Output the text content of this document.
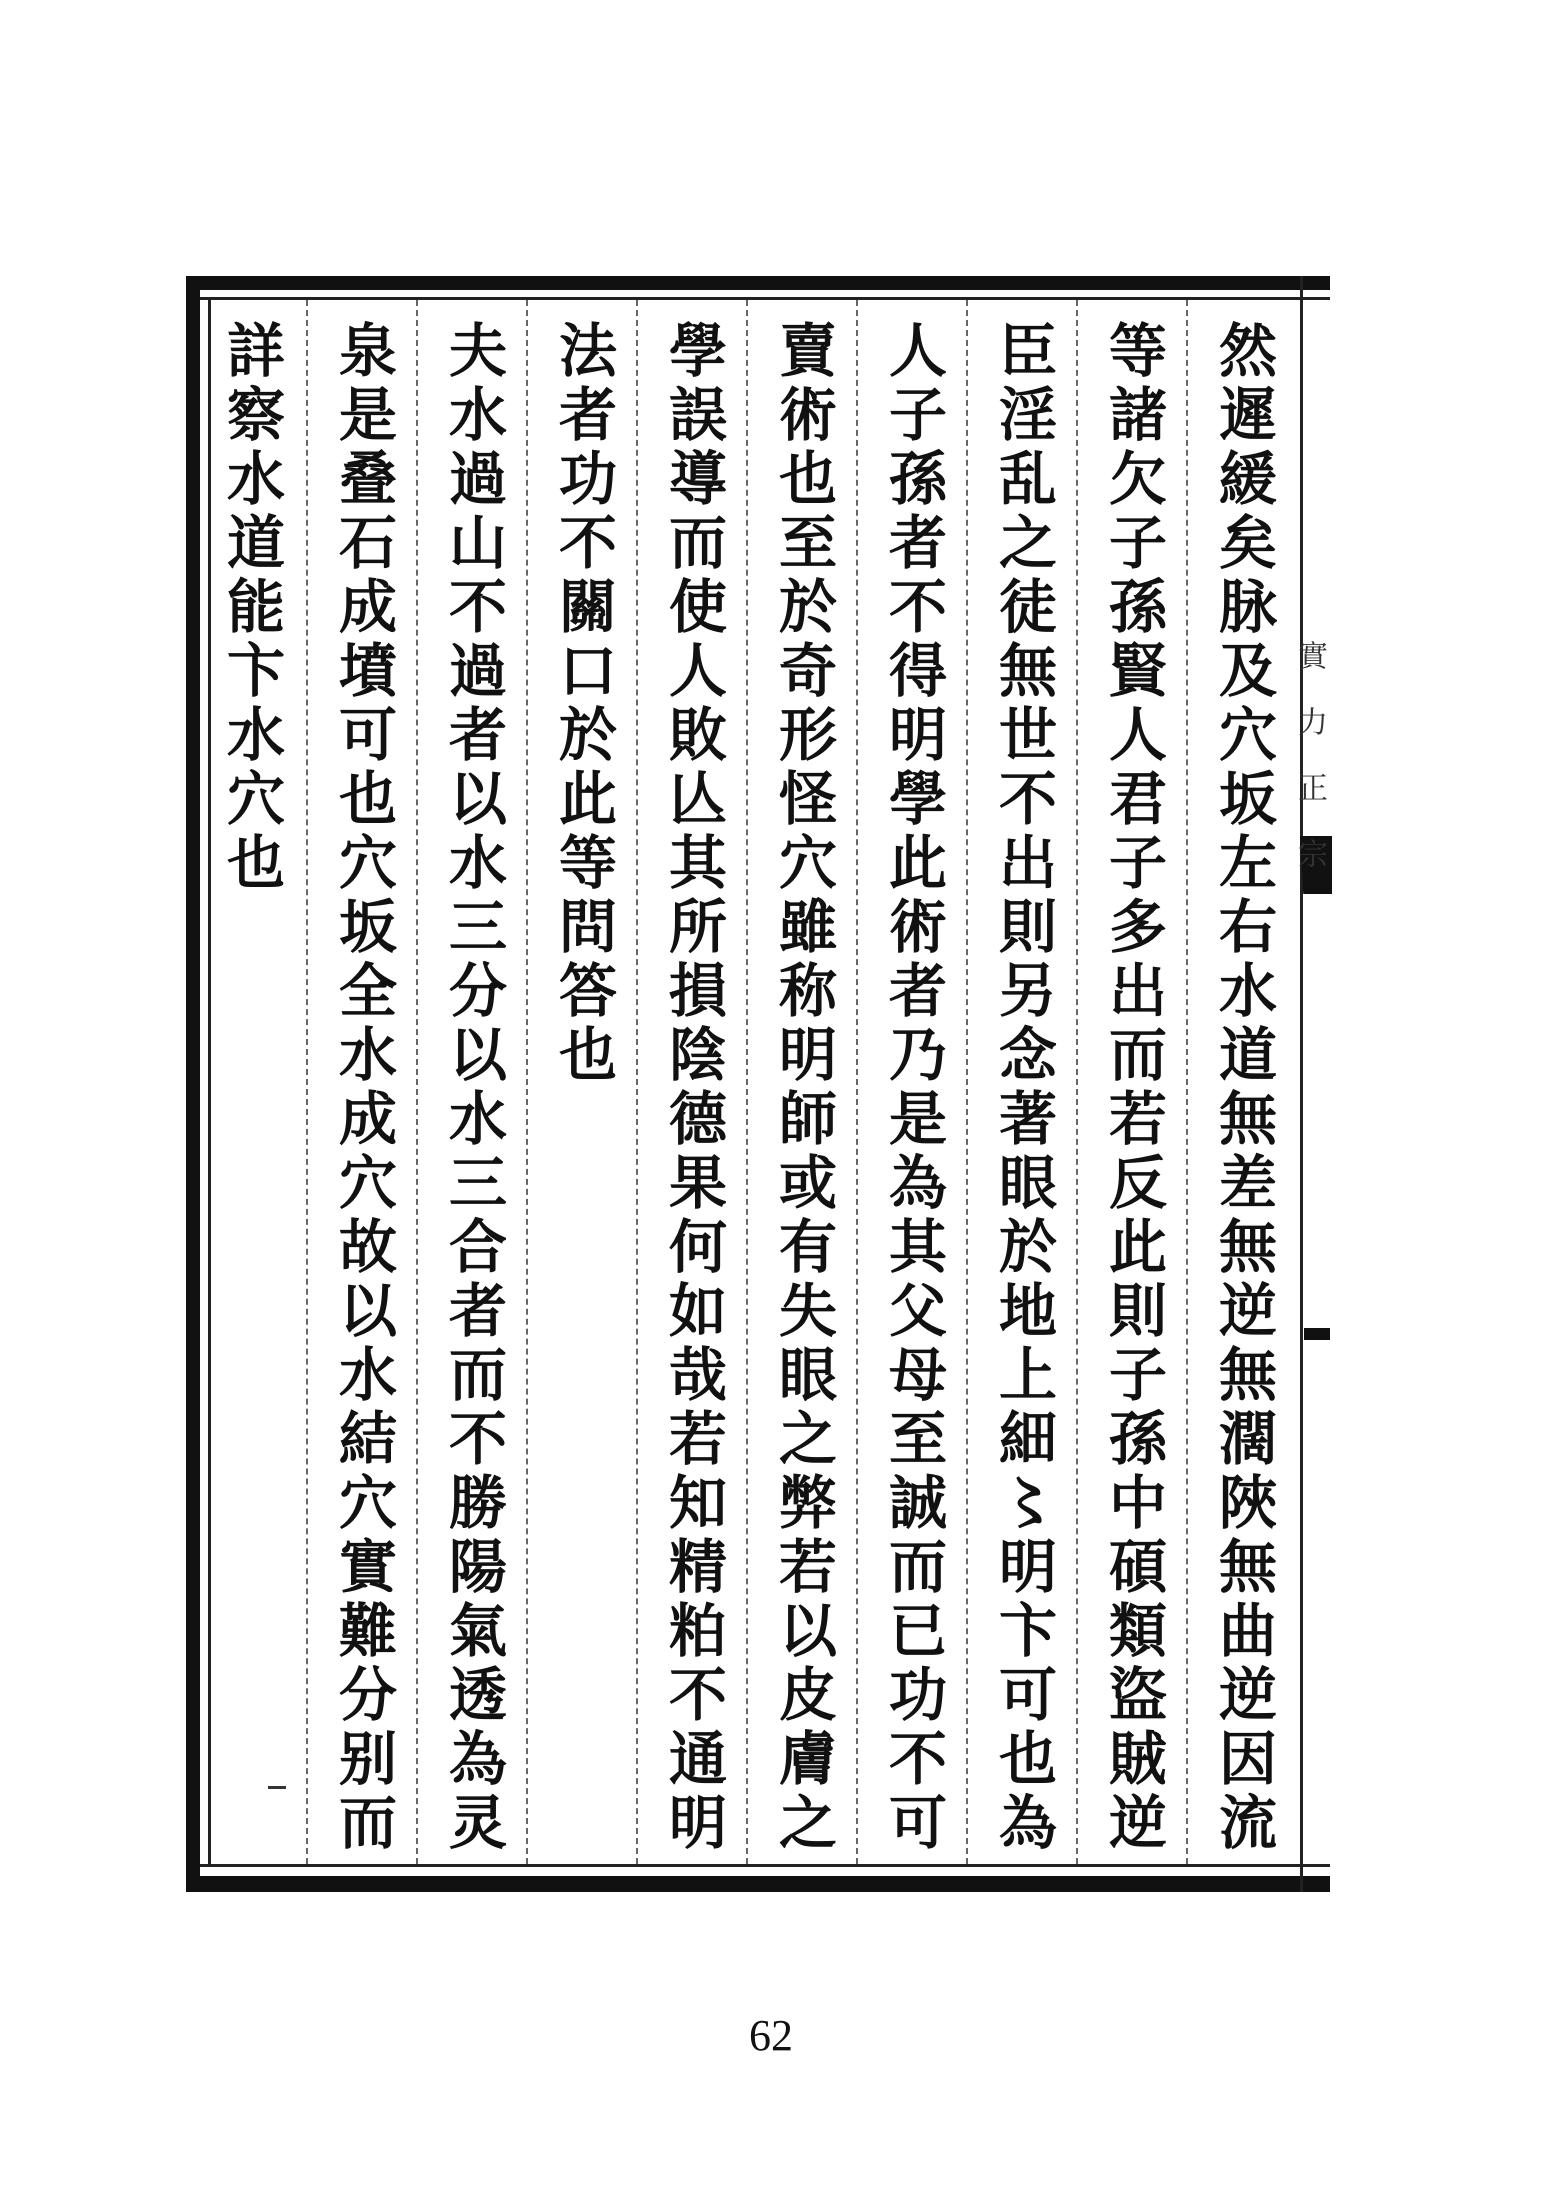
實力正宗
然遲緩矣脉及穴坂左右水道無差無逆無濶陜無曲逆因流
等諸欠子孫賢人君子多出而若反此則子孫中碩類盜賊逆
臣淫乱之徒無世不出則另念著眼於地上細〻明卞可也為
人子孫者不得明學此術者乃是為其父母至誠而已功不可
賣術也至於奇形怪穴雖称明師或有失眼之弊若以皮膚之
學誤導而使人敗亾其所損陰德果何如哉若知精粕不通明
法者功不關口於此等問答也
夫水過山不過者以水三分以水三合者而不勝陽氣透為灵
泉是叠石成墳可也穴坂全水成穴故以水結穴實難分别而
詳察水道能卞水穴也
62
